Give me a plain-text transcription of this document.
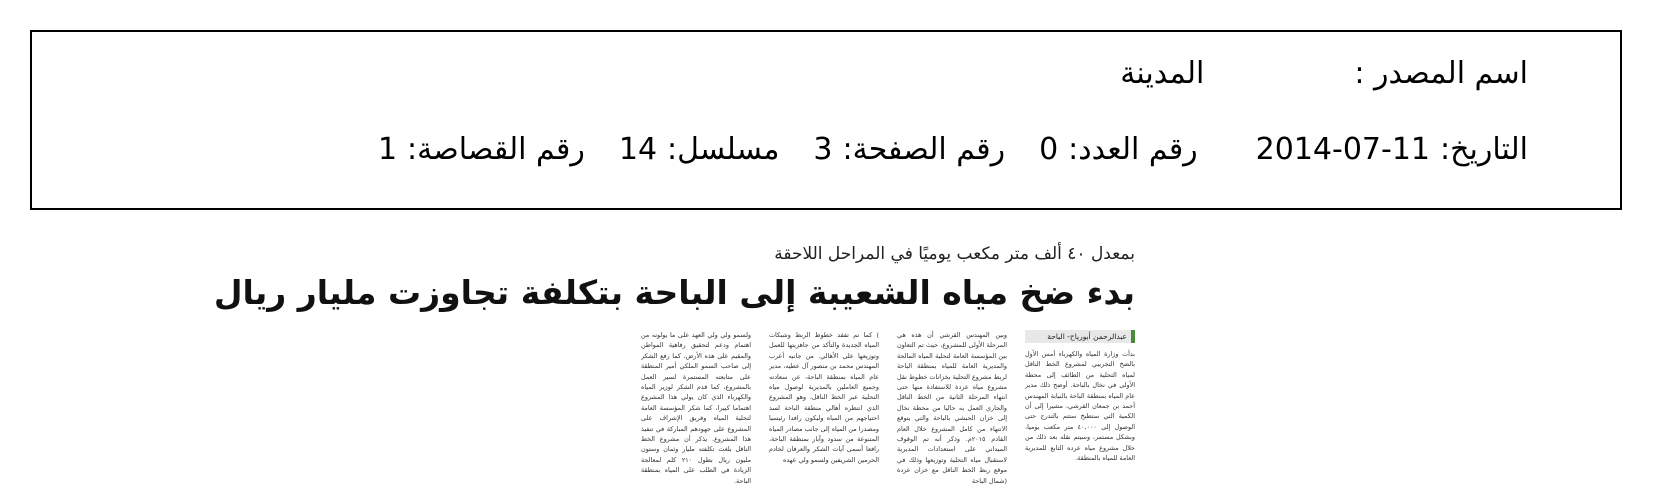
اسم المصدر :المدينة
التاريخ:2014-07-11رقم العدد:0رقم الصفحة:3مسلسل:14رقم القصاصة:1
بمعدل ٤٠ ألف متر مكعب يوميًا في المراحل اللاحقة
بدء ضخ مياه الشعيبة إلى الباحة بتكلفة تجاوزت مليار ريال
عبدالرحمن أبورياح- الباحة

بدأت وزارة المياه والكهرباء أمس الأول بالضخ التجريبي لمشروع الخط الناقل لمياه التحلية من الطائف إلى محطة الأولى في نخال بالباحة. أوضح ذلك مدير عام المياه بمنطقة الباحة بالنيابة المهندس أحمد بن جمعان القرشي، مشيرا إلى أن الكمية التي ستطبخ ستتم بالتدرج حتى الوصول إلى ٤٠,٠٠٠ متر مكعب يوميا، وبشكل مستمر، وسيتم نقله بعد ذلك من خلال مشروع مياه عرده التابع للمديرية العامة للمياه بالمنطقة.

وبين المهندس القرشي أن هذه هي المرحلة الأولى للمشروع، حيث تم التعاون بين المؤسسة العامة لتحلية المياه المالحة والمديرية العامة للمياه بمنطقة الباحة لربط مشروع التحلية بخزانات خطوط نقل مشروع مياه عردة للاستفادة منها حتى انتهاء المرحلة الثانية من الخط الناقل والجاري العمل به حاليا من محطة نخال إلى خزان الحبشي بالباحة والتي يتوقع الانتهاء من كامل المشروع خلال العام القادم ٢٠١٥م. وذكر أنه تم الوقوف الميداني على استعدادات المديرية لاستقبال مياه التحلية وتوزيعها وذلك في موقع ربط الخط الناقل مع خزان عردة (شمال الباحة

) كما تم تفقد خطوط الربط وشبكات المياه الجديدة والتأكد من جاهزيتها للعمل وتوزيعها على الأهالي. من جانبه أعرب المهندس محمد بن منصور آل عطيه، مدير عام المياه بمنطقة الباحة، عن سعادته وجميع العاملين بالمديرية لوصول مياه التحلية عبر الخط الناقل، وهو المشروع الذي انتظره أهالي منطقة الباحة لسد احتياجهم من المياه وليكون رافدا رئيسيا ومصدرا من المياه إلى جانب مصادر المياه المتنوعة من سدود وآبار بمنطقة الباحة، رافعا أسمى آيات الشكر والعرفان لخادم الحرمين الشريفين ولسمو ولي عهده

ولسمو ولي ولي العهد على ما يولونه من اهتمام ودعم لتحقيق رفاهية المواطن والمقيم على هذه الأرض، كما رفع الشكر إلى صاحب السمو الملكي أمير المنطقة على متابعته المستمرة لسير العمل بالمشروع، كما قدم الشكر لوزير المياه والكهرباء الذي كان يولي هذا المشروع اهتماما كبيرا، كما شكر المؤسسة العامة لتحلية المياه وفريق الإشراف على المشروع على جهودهم المباركة في تنفيذ هذا المشروع. يذكر أن مشروع الخط الناقل بلغت تكلفته مليار وثمان وستون مليون ريال بطول ٢١٠ كلم لمعالجة الزيادة في الطلب على المياه بمنطقة الباحة.
